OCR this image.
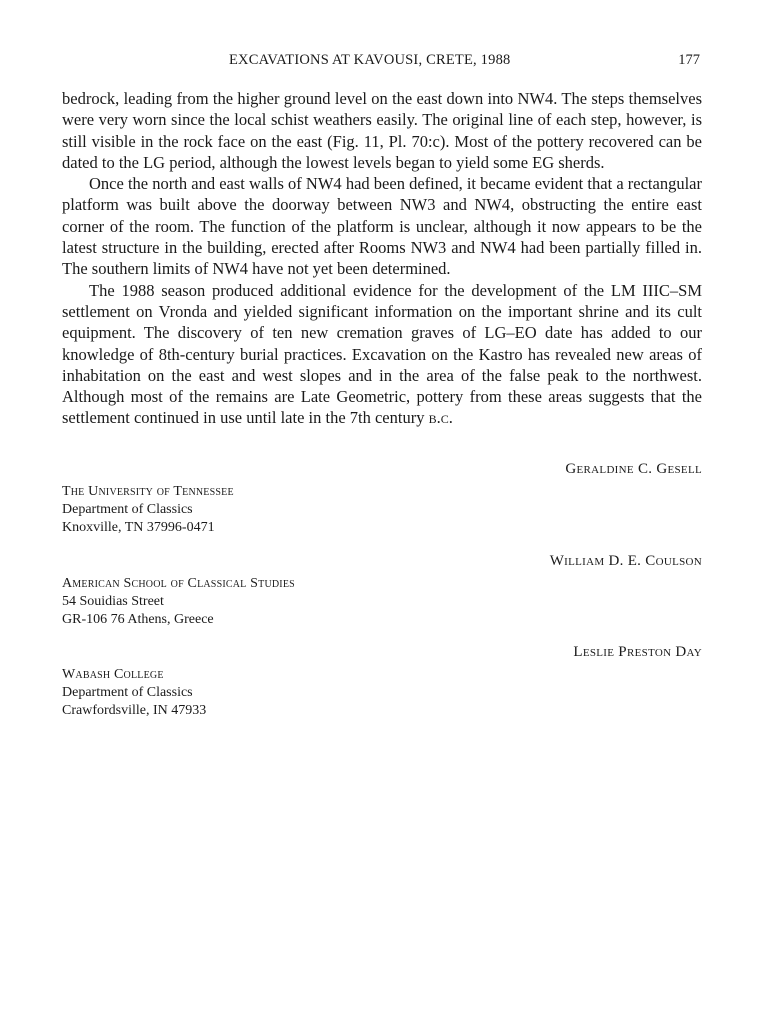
EXCAVATIONS AT KAVOUSI, CRETE, 1988	177

bedrock, leading from the higher ground level on the east down into NW4. The steps themselves were very worn since the local schist weathers easily. The original line of each step, however, is still visible in the rock face on the east (Fig. 11, Pl. 70:c). Most of the pottery recovered can be dated to the LG period, although the lowest levels began to yield some EG sherds.

Once the north and east walls of NW4 had been defined, it became evident that a rectangular platform was built above the doorway between NW3 and NW4, obstructing the entire east corner of the room. The function of the platform is unclear, although it now appears to be the latest structure in the building, erected after Rooms NW3 and NW4 had been partially filled in. The southern limits of NW4 have not yet been determined.

The 1988 season produced additional evidence for the development of the LM IIIC–SM settlement on Vronda and yielded significant information on the important shrine and its cult equipment. The discovery of ten new cremation graves of LG–EO date has added to our knowledge of 8th-century burial practices. Excavation on the Kastro has revealed new areas of inhabitation on the east and west slopes and in the area of the false peak to the northwest. Although most of the remains are Late Geometric, pottery from these areas suggests that the settlement continued in use until late in the 7th century b.c.

Geraldine C. Gesell
The University of Tennessee
Department of Classics
Knoxville, TN 37996-0471
William D. E. Coulson
American School of Classical Studies
54 Souidias Street
GR-106 76 Athens, Greece
Leslie Preston Day
Wabash College
Department of Classics
Crawfordsville, IN 47933
